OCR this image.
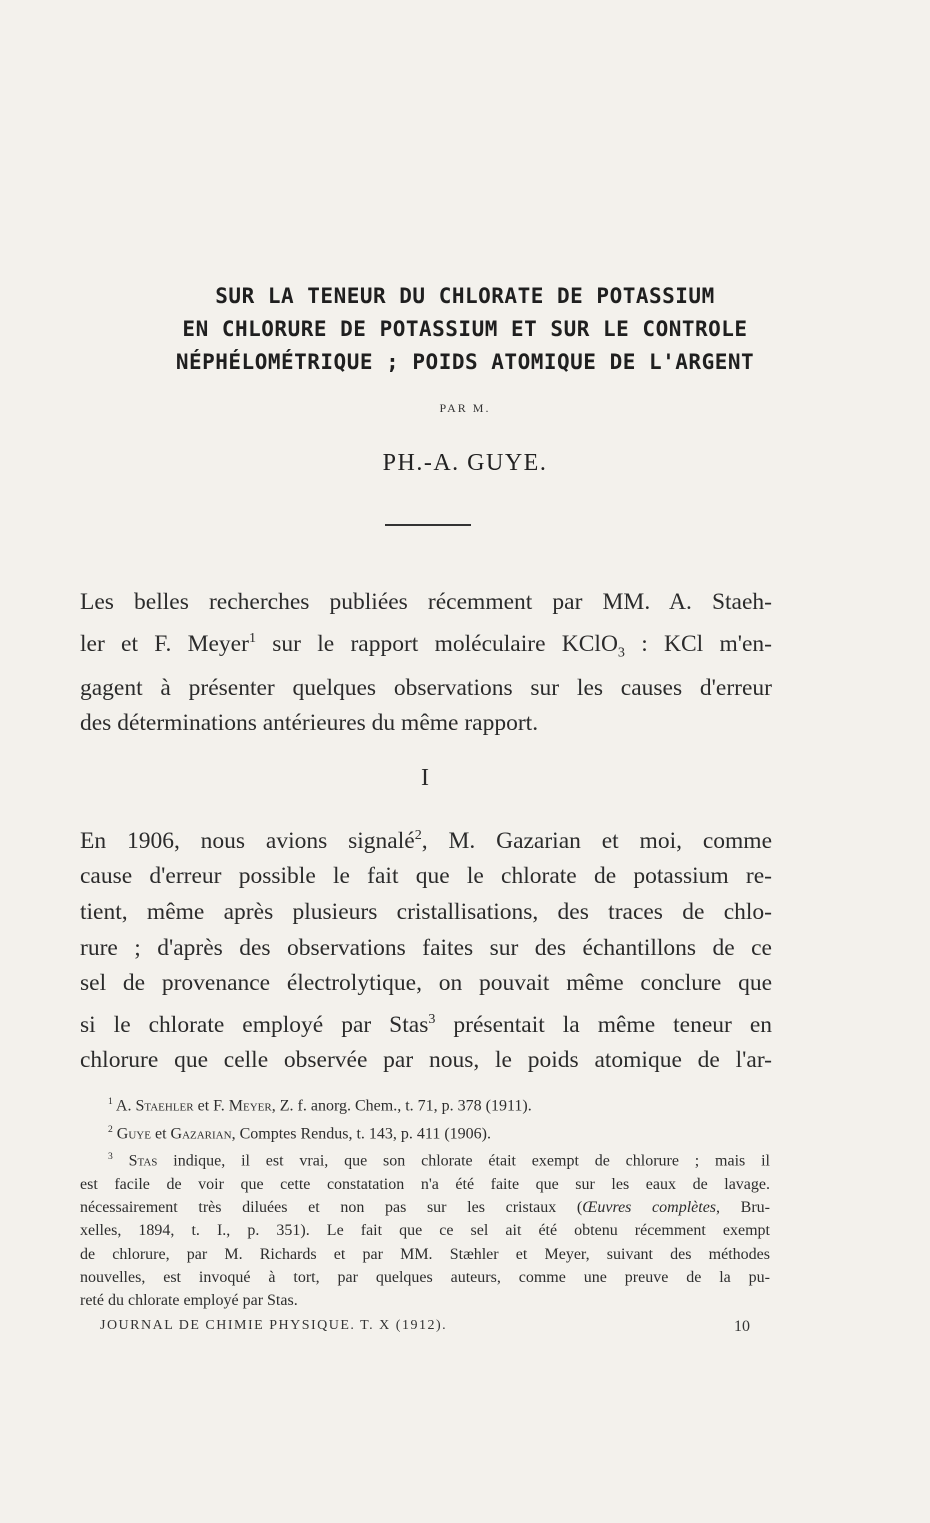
SUR LA TENEUR DU CHLORATE DE POTASSIUM
EN CHLORURE DE POTASSIUM ET SUR LE CONTROLE
NÉPHÉLOMÉTRIQUE ; POIDS ATOMIQUE DE L'ARGENT
PAR M.
PH.-A. GUYE.
Les belles recherches publiées récemment par MM. A. Staeh-
ler et F. Meyer$^1$ sur le rapport moléculaire KClO$_3$ : KCl m'en-
gagent à présenter quelques observations sur les causes d'erreur
des déterminations antérieures du même rapport.
I
En 1906, nous avions signalé$^2$, M. Gazarian et moi, comme
cause d'erreur possible le fait que le chlorate de potassium re-
tient, même après plusieurs cristallisations, des traces de chlo-
rure ; d'après des observations faites sur des échantillons de ce
sel de provenance électrolytique, on pouvait même conclure que
si le chlorate employé par Stas$^3$ présentait la même teneur en
chlorure que celle observée par nous, le poids atomique de l'ar-
$^1$ A. Staehler et F. Meyer, Z. f. anorg. Chem., t. 71, p. 378 (1911).
$^2$ Guye et Gazarian, Comptes Rendus, t. 143, p. 411 (1906).
$^3$ Stas indique, il est vrai, que son chlorate était exempt de chlorure ; mais il
est facile de voir que cette constatation n'a été faite que sur les eaux de lavage.
nécessairement très diluées et non pas sur les cristaux (Œuvres complètes, Bru-
xelles, 1894, t. I., p. 351). Le fait que ce sel ait été obtenu récemment exempt
de chlorure, par M. Richards et par MM. Stæhler et Meyer, suivant des méthodes
nouvelles, est invoqué à tort, par quelques auteurs, comme une preuve de la pu-
reté du chlorate employé par Stas.
JOURNAL DE CHIMIE PHYSIQUE. T. X (1912).	10
